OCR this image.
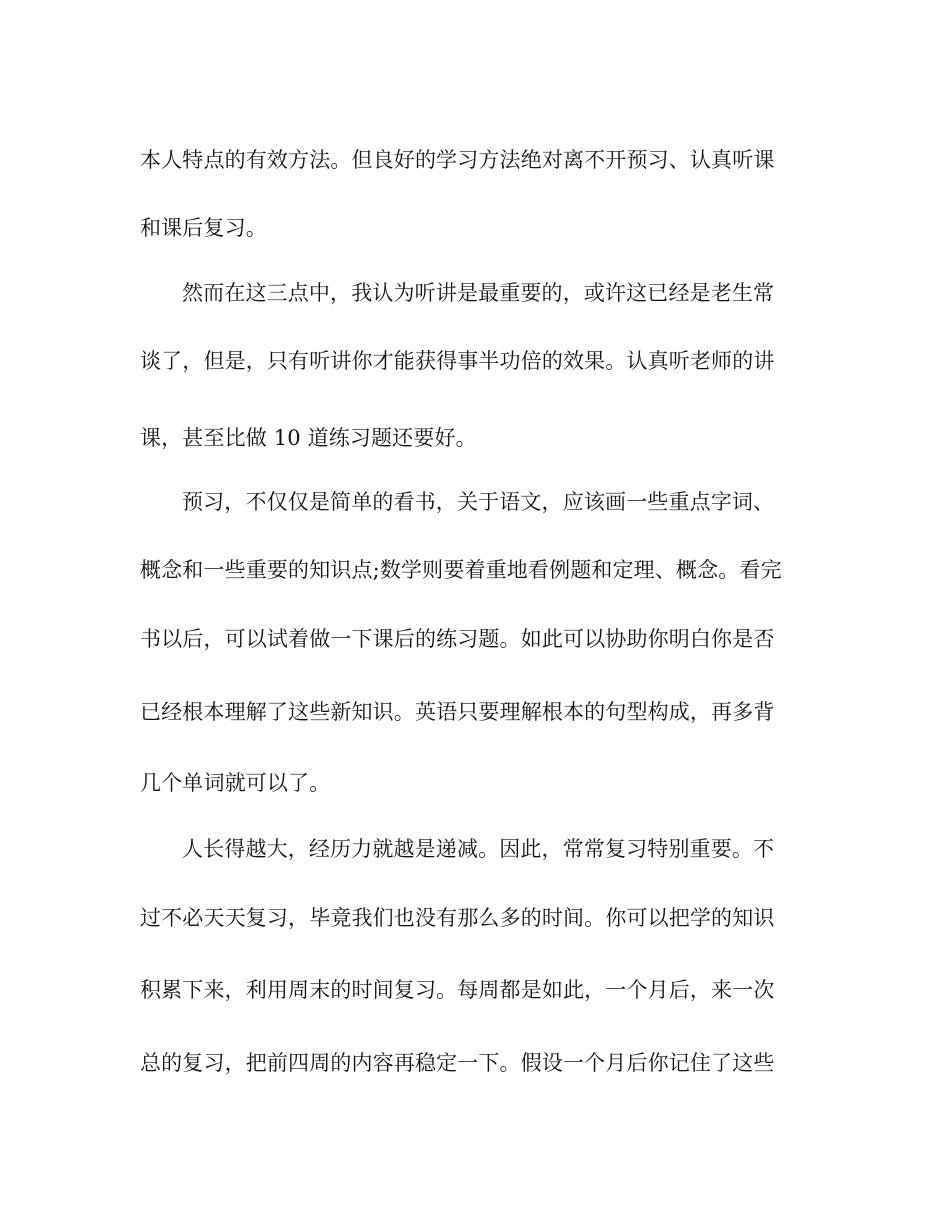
本人特点的有效方法。但良好的学习方法绝对离不开预习、认真听课
和课后复习。
然而在这三点中，我认为听讲是最重要的，或许这已经是老生常
谈了，但是，只有听讲你才能获得事半功倍的效果。认真听老师的讲
课，甚至比做 10 道练习题还要好。
预习，不仅仅是简单的看书，关于语文，应该画一些重点字词、
概念和一些重要的知识点;数学则要着重地看例题和定理、概念。看完
书以后，可以试着做一下课后的练习题。如此可以协助你明白你是否
已经根本理解了这些新知识。英语只要理解根本的句型构成，再多背
几个单词就可以了。
人长得越大，经历力就越是递减。因此，常常复习特别重要。不
过不必天天复习，毕竟我们也没有那么多的时间。你可以把学的知识
积累下来，利用周末的时间复习。每周都是如此，一个月后，来一次
总的复习，把前四周的内容再稳定一下。假设一个月后你记住了这些
